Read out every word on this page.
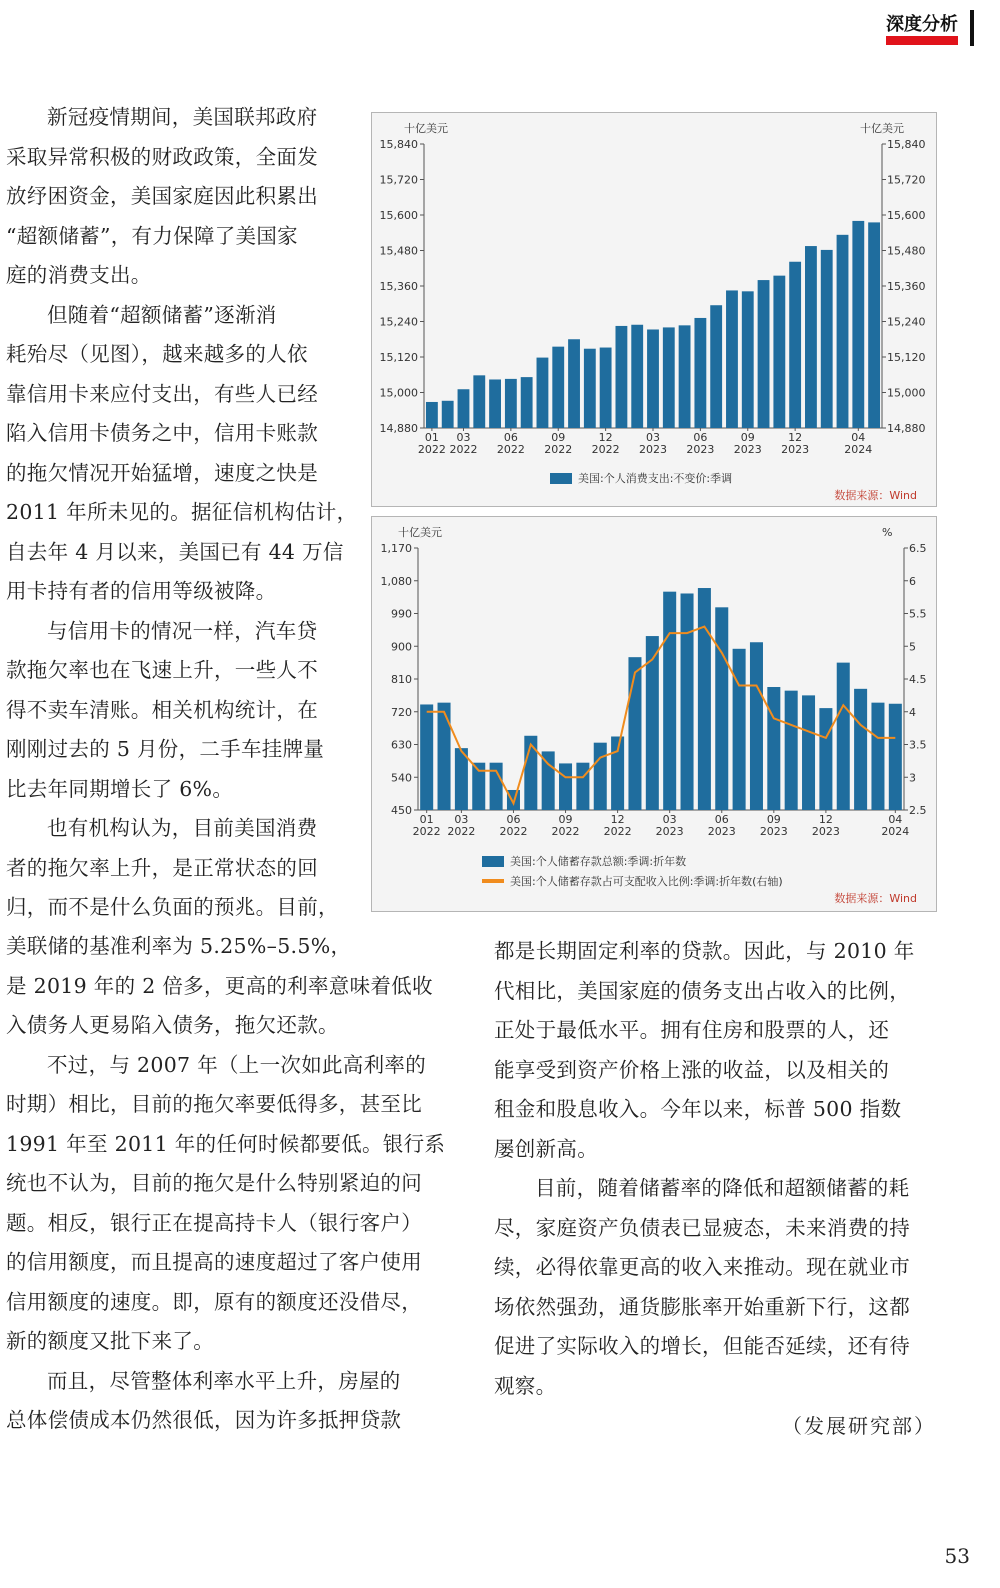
深度分析
新冠疫情期间，美国联邦政府
采取异常积极的财政政策，全面发
放纾困资金，美国家庭因此积累出
“超额储蓄”，有力保障了美国家
庭的消费支出。
但随着“超额储蓄”逐渐消
耗殆尽（见图），越来越多的人依
靠信用卡来应付支出，有些人已经
陷入信用卡债务之中，信用卡账款
的拖欠情况开始猛增，速度之快是
2011 年所未见的。据征信机构估计，
自去年 4 月以来，美国已有 44 万信
用卡持有者的信用等级被降。
与信用卡的情况一样，汽车贷
款拖欠率也在飞速上升，一些人不
得不卖车清账。相关机构统计，在
刚刚过去的 5 月份，二手车挂牌量
比去年同期增长了 6%。
也有机构认为，目前美国消费
者的拖欠率上升，是正常状态的回
归，而不是什么负面的预兆。目前，
美联储的基准利率为 5.25%–5.5%，
是 2019 年的 2 倍多，更高的利率意味着低收
入债务人更易陷入债务，拖欠还款。
不过，与 2007 年（上一次如此高利率的
时期）相比，目前的拖欠率要低得多，甚至比
1991 年至 2011 年的任何时候都要低。银行系
统也不认为，目前的拖欠是什么特别紧迫的问
题。相反，银行正在提高持卡人（银行客户）
的信用额度，而且提高的速度超过了客户使用
信用额度的速度。即，原有的额度还没借尽，
新的额度又批下来了。
而且，尽管整体利率水平上升，房屋的
总体偿债成本仍然很低，因为许多抵押贷款
都是长期固定利率的贷款。因此，与 2010 年
代相比，美国家庭的债务支出占收入的比例，
正处于最低水平。拥有住房和股票的人，还
能享受到资产价格上涨的收益，以及相关的
租金和股息收入。今年以来，标普 500 指数
屡创新高。
目前，随着储蓄率的降低和超额储蓄的耗
尽，家庭资产负债表已显疲态，未来消费的持
续，必得依靠更高的收入来推动。现在就业市
场依然强劲，通货膨胀率开始重新下行，这都
促进了实际收入的增长，但能否延续，还有待
观察。
（发展研究部）
53
十亿美元	十亿美元
15,840
15,720
15,600
15,480
15,360
15,240
15,120
15,000
14,880
15,840
15,720
15,600
15,480
15,360
15,240
15,120
15,000
14,880
01
2022
03
2022
06
2022
09
2022
12
2022
03
2023
06
2023
09
2023
12
2023
04
2024
美国:个人消费支出:不变价:季调
数据来源：Wind
十亿美元	%
1,170
1,080
990
900
810
720
630
540
450
6.5
6
5.5
5
4.5
4
3.5
3
2.5
01
2022
03
2022
06
2022
09
2022
12
2022
03
2023
06
2023
09
2023
12
2023
04
2024
美国:个人储蓄存款总额:季调:折年数
美国:个人储蓄存款占可支配收入比例:季调:折年数(右轴)
数据来源：Wind
